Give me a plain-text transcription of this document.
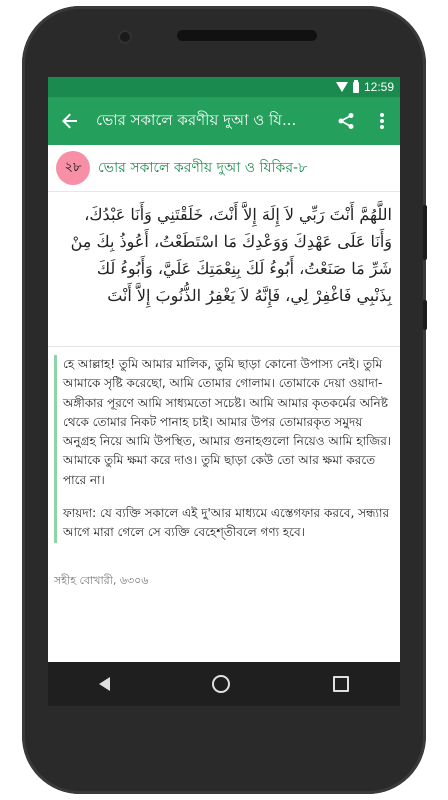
12:59
ভোর সকালে করণীয় দুআ ও যি...
২৮	ভোর সকালে করণীয় দুআ ও যিকির-৮
اللَّهُمَّ أَنْتَ رَبِّي لاَ إِلَهَ إِلاَّ أَنْتَ، خَلَقْتَنِي وَأَنَا عَبْدُكَ، وَأَنَا عَلَى عَهْدِكَ وَوَعْدِكَ مَا اسْتَطَعْتُ، أَعُوذُ بِكَ مِنْ شَرِّ مَا صَنَعْتُ، أَبُوءُ لَكَ بِنِعْمَتِكَ عَلَيَّ، وَأَبُوءُ لَكَ بِذَنْبِي فَاغْفِرْ لِي، فَإِنَّهُ لاَ يَغْفِرُ الذُّنُوبَ إِلاَّ أَنْتَ

হে আল্লাহ! তুমি আমার মালিক, তুমি ছাড়া কোনো উপাস্য নেই। তুমি আমাকে সৃষ্টি করেছো, আমি তোমার গোলাম। তোমাকে দেয়া ওয়াদা-অঙ্গীকার পূরণে আমি সাধ্যমতো সচেষ্ট। আমি আমার কৃতকর্মের অনিষ্ট থেকে তোমার নিকট পানাহ চাই। আমার উপর তোমারকৃত সমুদয় অনুগ্রহ নিয়ে আমি উপস্থিত, আমার গুনাহগুলো নিয়েও আমি হাজির। আমাকে তুমি ক্ষমা করে দাও। তুমি ছাড়া কেউ তো আর ক্ষমা করতে পারে না।

ফায়দা: যে ব্যক্তি সকালে এই দু'আর মাধ্যমে এস্তেগফার করবে, সন্ধ্যার আগে মারা গেলে সে ব্যক্তি বেহেশ্‌তীবলে গণ্য হবে।

সহীহ বোখারী, ৬৩০৬
